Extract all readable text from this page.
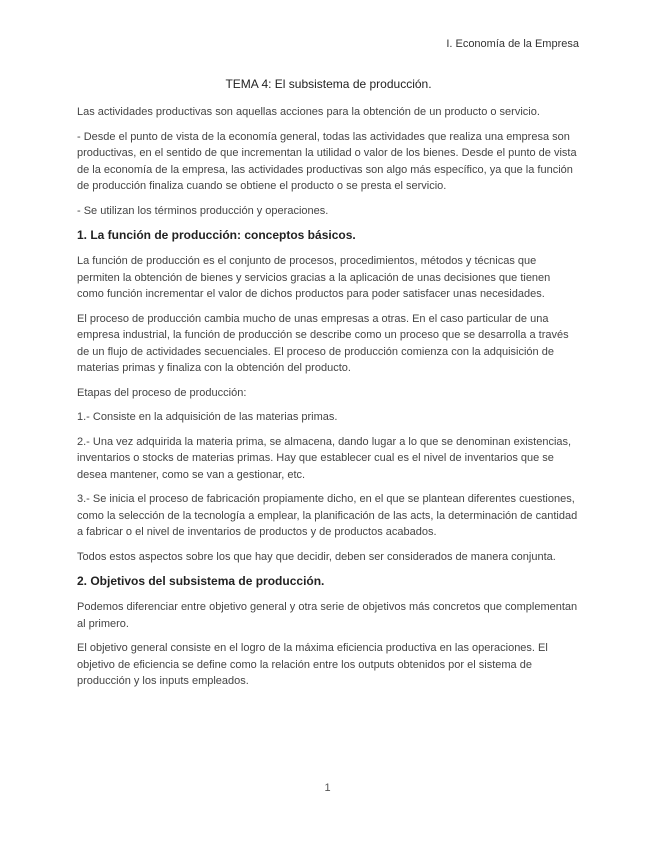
I. Economía de la Empresa
TEMA 4: El subsistema de producción.

Las actividades productivas son aquellas acciones para la obtención de un producto o servicio.

- Desde el punto de vista de la economía general, todas las actividades que realiza una empresa son productivas, en el sentido de que incrementan la utilidad o valor de los bienes. Desde el punto de vista de la economía de la empresa, las actividades productivas son algo más específico, ya que la función de producción finaliza cuando se obtiene el producto o se presta el servicio.

- Se utilizan los términos producción y operaciones.

1. La función de producción: conceptos básicos.

La función de producción es el conjunto de procesos, procedimientos, métodos y técnicas que permiten la obtención de bienes y servicios gracias a la aplicación de unas decisiones que tienen como función incrementar el valor de dichos productos para poder satisfacer unas necesidades.

El proceso de producción cambia mucho de unas empresas a otras. En el caso particular de una empresa industrial, la función de producción se describe como un proceso que se desarrolla a través de un flujo de actividades secuenciales. El proceso de producción comienza con la adquisición de materias primas y finaliza con la obtención del producto.

Etapas del proceso de producción:

1.- Consiste en la adquisición de las materias primas.

2.- Una vez adquirida la materia prima, se almacena, dando lugar a lo que se denominan existencias, inventarios o stocks de materias primas. Hay que establecer cual es el nivel de inventarios que se desea mantener, como se van a gestionar, etc.

3.- Se inicia el proceso de fabricación propiamente dicho, en el que se plantean diferentes cuestiones, como la selección de la tecnología a emplear, la planificación de las acts, la determinación de cantidad a fabricar o el nivel de inventarios de productos y de productos acabados.

Todos estos aspectos sobre los que hay que decidir, deben ser considerados de manera conjunta.

2. Objetivos del subsistema de producción.

Podemos diferenciar entre objetivo general y otra serie de objetivos más concretos que complementan al primero.

El objetivo general consiste en el logro de la máxima eficiencia productiva en las operaciones. El objetivo de eficiencia se define como la relación entre los outputs obtenidos por el sistema de producción y los inputs empleados.

1
